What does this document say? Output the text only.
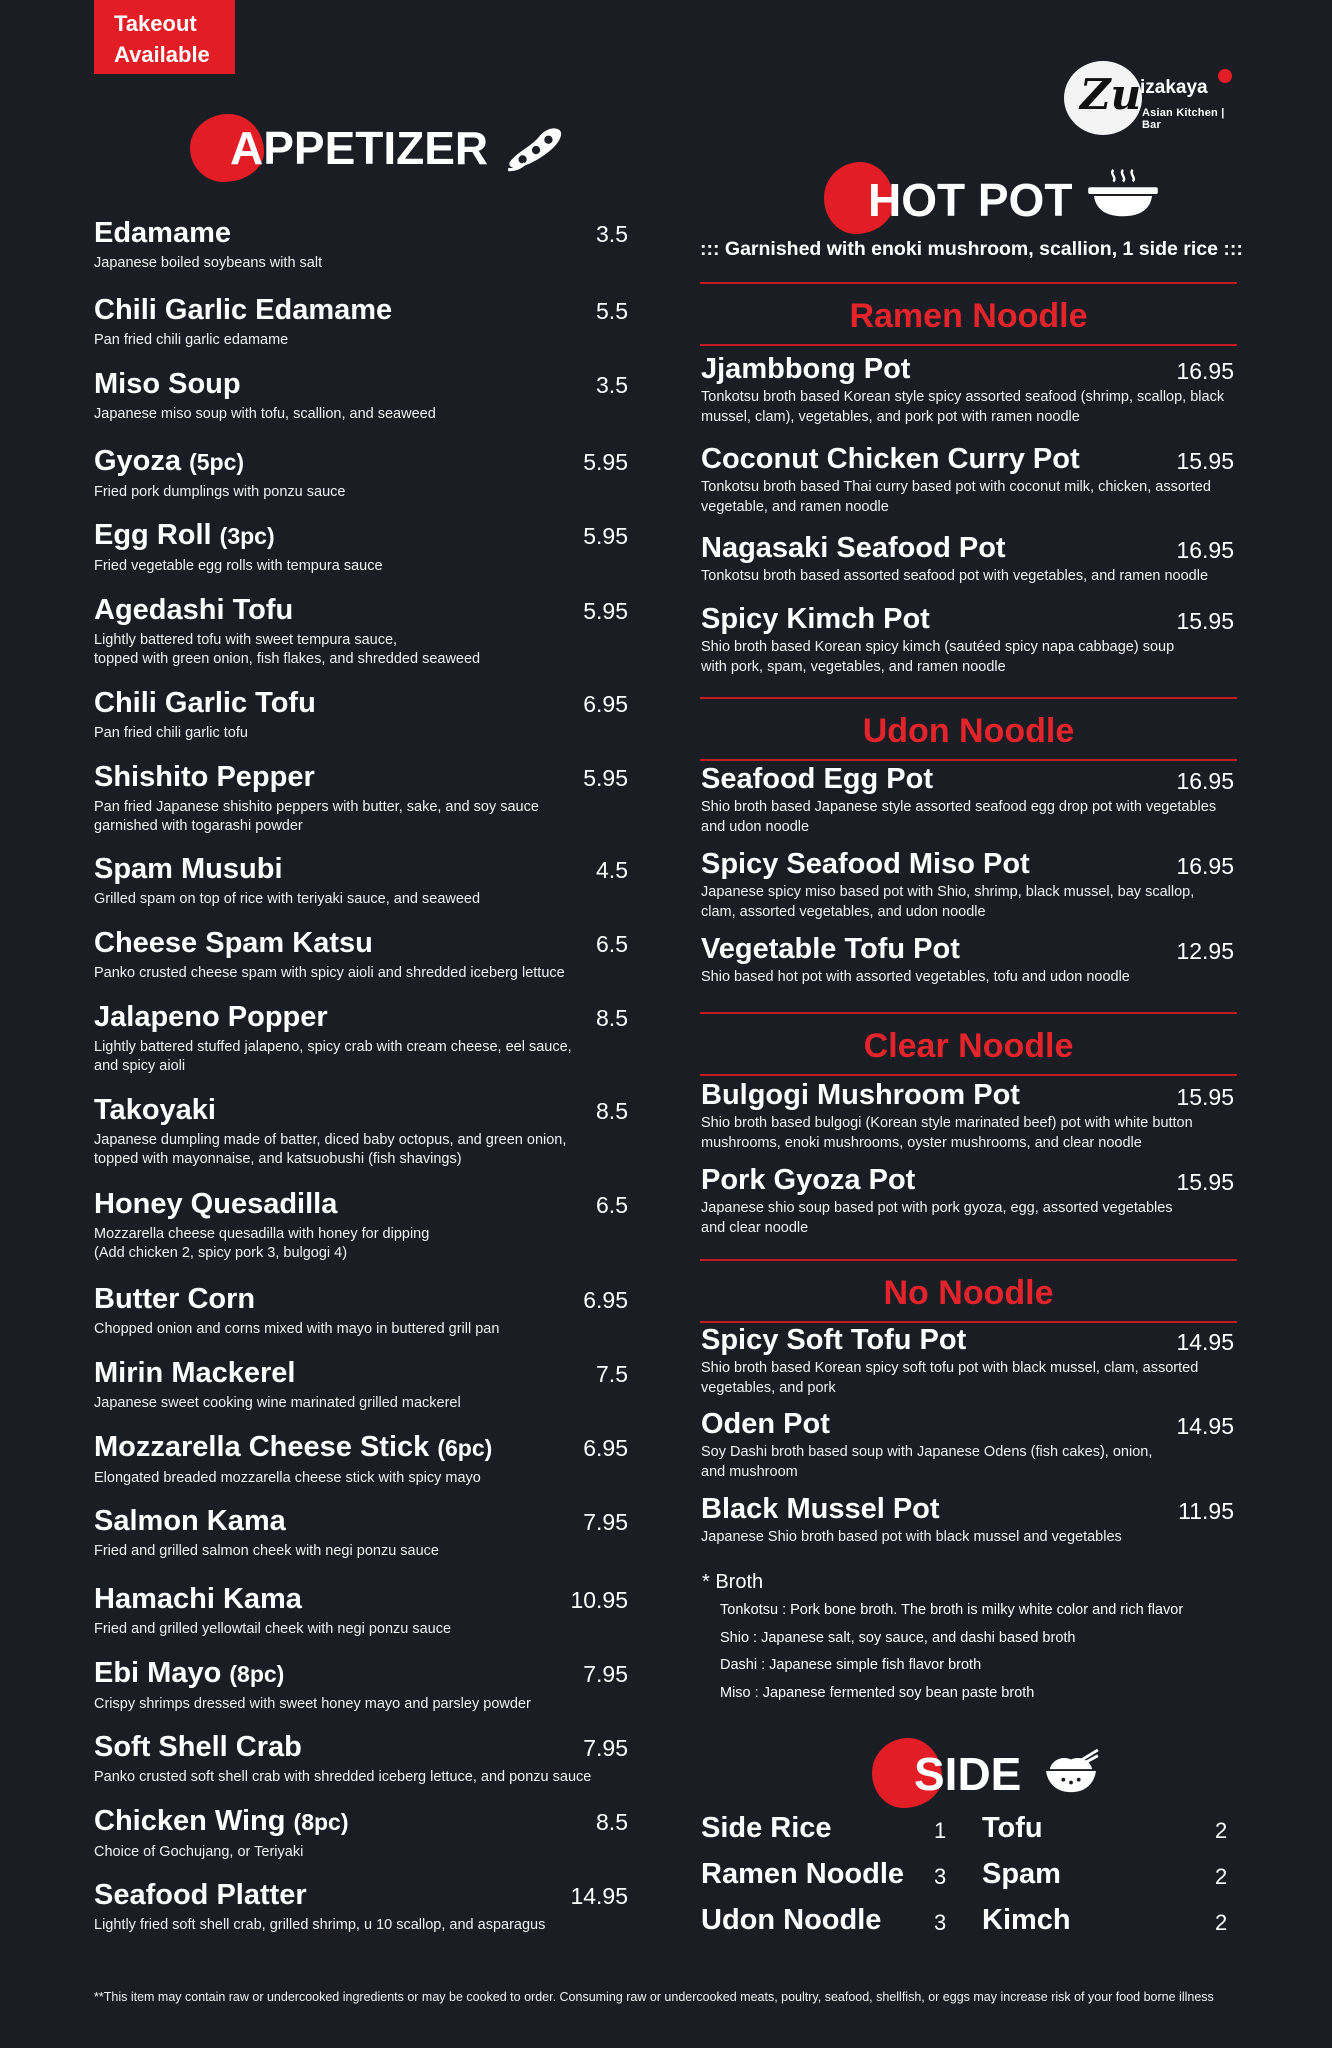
Takeout
Available
Zu
izakaya
Asian Kitchen | Bar
APPETIZER
Edamame	3.5
Japanese boiled soybeans with salt
Chili Garlic Edamame	5.5
Pan fried chili garlic edamame
Miso Soup	3.5
Japanese miso soup with tofu, scallion, and seaweed
Gyoza (5pc)	5.95
Fried pork dumplings with ponzu sauce
Egg Roll (3pc)	5.95
Fried vegetable egg rolls with tempura sauce
Agedashi Tofu	5.95
Lightly battered tofu with sweet tempura sauce,
topped with green onion, fish flakes, and shredded seaweed
Chili Garlic Tofu	6.95
Pan fried chili garlic tofu
Shishito Pepper	5.95
Pan fried Japanese shishito peppers with butter, sake, and soy sauce
garnished with togarashi powder
Spam Musubi	4.5
Grilled spam on top of rice with teriyaki sauce, and seaweed
Cheese Spam Katsu	6.5
Panko crusted cheese spam with spicy aioli and shredded iceberg lettuce
Jalapeno Popper	8.5
Lightly battered stuffed jalapeno, spicy crab with cream cheese, eel sauce,
and spicy aioli
Takoyaki	8.5
Japanese dumpling made of batter, diced baby octopus, and green onion,
topped with mayonnaise, and katsuobushi (fish shavings)
Honey Quesadilla	6.5
Mozzarella cheese quesadilla with honey for dipping
(Add chicken 2, spicy pork 3, bulgogi 4)
Butter Corn	6.95
Chopped onion and corns mixed with mayo in buttered grill pan
Mirin Mackerel	7.5
Japanese sweet cooking wine marinated grilled mackerel
Mozzarella Cheese Stick (6pc)	6.95
Elongated breaded mozzarella cheese stick with spicy mayo
Salmon Kama	7.95
Fried and grilled salmon cheek with negi ponzu sauce
Hamachi Kama	10.95
Fried and grilled yellowtail cheek with negi ponzu sauce
Ebi Mayo (8pc)	7.95
Crispy shrimps dressed with sweet honey mayo and parsley powder
Soft Shell Crab	7.95
Panko crusted soft shell crab with shredded iceberg lettuce, and ponzu sauce
Chicken Wing (8pc)	8.5
Choice of Gochujang, or Teriyaki
Seafood Platter	14.95
Lightly fried soft shell crab, grilled shrimp, u 10 scallop, and asparagus
HOT POT
::: Garnished with enoki mushroom, scallion, 1 side rice :::
Ramen Noodle
Jjambbong Pot	16.95
Tonkotsu broth based Korean style spicy assorted seafood (shrimp, scallop, black
mussel, clam), vegetables, and pork pot with ramen noodle
Coconut Chicken Curry Pot	15.95
Tonkotsu broth based Thai curry based pot with coconut milk, chicken, assorted
vegetable, and ramen noodle
Nagasaki Seafood Pot	16.95
Tonkotsu broth based assorted seafood pot with vegetables, and ramen noodle
Spicy Kimch Pot	15.95
Shio broth based Korean spicy kimch (sautéed spicy napa cabbage) soup
with pork, spam, vegetables, and ramen noodle
Udon Noodle
Seafood Egg Pot	16.95
Shio broth based Japanese style assorted seafood egg drop pot with vegetables
and udon noodle
Spicy Seafood Miso Pot	16.95
Japanese spicy miso based pot with Shio, shrimp, black mussel, bay scallop,
clam, assorted vegetables, and udon noodle
Vegetable Tofu Pot	12.95
Shio based hot pot with assorted vegetables, tofu and udon noodle
Clear Noodle
Bulgogi Mushroom Pot	15.95
Shio broth based bulgogi (Korean style marinated beef) pot with white button
mushrooms, enoki mushrooms, oyster mushrooms, and clear noodle
Pork Gyoza Pot	15.95
Japanese shio soup based pot with pork gyoza, egg, assorted vegetables
and clear noodle
No Noodle
Spicy Soft Tofu Pot	14.95
Shio broth based Korean spicy soft tofu pot with black mussel, clam, assorted
vegetables, and pork
Oden Pot	14.95
Soy Dashi broth based soup with Japanese Odens (fish cakes), onion,
and mushroom
Black Mussel Pot	11.95
Japanese Shio broth based pot with black mussel and vegetables
* Broth
Tonkotsu : Pork bone broth. The broth is milky white color and rich flavor
Shio : Japanese salt, soy sauce, and dashi based broth
Dashi : Japanese simple fish flavor broth
Miso : Japanese fermented soy bean paste broth
SIDE
Side Rice	1
Ramen Noodle 3
Udon Noodle 3
Tofu	2
Spam	2
Kimch	2
**This item may contain raw or undercooked ingredients or may be cooked to order. Consuming raw or undercooked meats, poultry, seafood, shellfish, or eggs may increase risk of your food borne illness
